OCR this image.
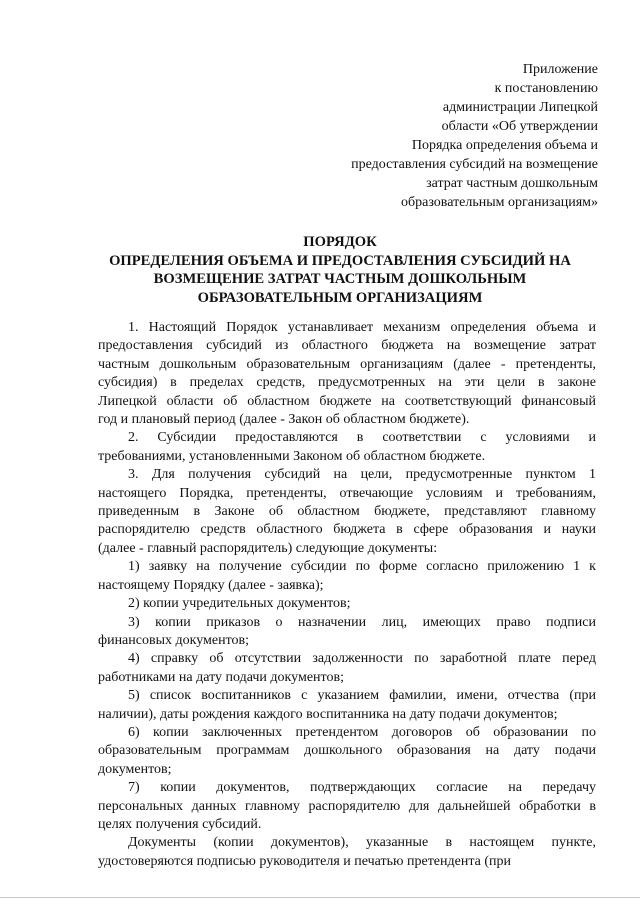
Приложение
к постановлению
администрации Липецкой
области «Об утверждении
Порядка определения объема и
предоставления субсидий на возмещение
затрат частным дошкольным
образовательным организациям»
ПОРЯДОК
ОПРЕДЕЛЕНИЯ ОБЪЕМА И ПРЕДОСТАВЛЕНИЯ СУБСИДИЙ НА
ВОЗМЕЩЕНИЕ ЗАТРАТ ЧАСТНЫМ ДОШКОЛЬНЫМ
ОБРАЗОВАТЕЛЬНЫМ ОРГАНИЗАЦИЯМ
1. Настоящий Порядок устанавливает механизм определения объема и
предоставления субсидий из областного бюджета на возмещение затрат
частным дошкольным образовательным организациям (далее - претенденты,
субсидия) в пределах средств, предусмотренных на эти цели в законе
Липецкой области об областном бюджете на соответствующий финансовый
год и плановый период (далее - Закон об областном бюджете).
2. Субсидии предоставляются в соответствии с условиями и
требованиями, установленными Законом об областном бюджете.
3. Для получения субсидий на цели, предусмотренные пунктом 1
настоящего Порядка, претенденты, отвечающие условиям и требованиям,
приведенным в Законе об областном бюджете, представляют главному
распорядителю средств областного бюджета в сфере образования и науки
(далее - главный распорядитель) следующие документы:
1) заявку на получение субсидии по форме согласно приложению 1 к
настоящему Порядку (далее - заявка);
2) копии учредительных документов;
3) копии приказов о назначении лиц, имеющих право подписи
финансовых документов;
4) справку об отсутствии задолженности по заработной плате перед
работниками на дату подачи документов;
5) список воспитанников с указанием фамилии, имени, отчества (при
наличии), даты рождения каждого воспитанника на дату подачи документов;
6) копии заключенных претендентом договоров об образовании по
образовательным программам дошкольного образования на дату подачи
документов;
7) копии документов, подтверждающих согласие на передачу
персональных данных главному распорядителю для дальнейшей обработки в
целях получения субсидий.
Документы (копии документов), указанные в настоящем пункте,
удостоверяются подписью руководителя и печатью претендента (при
